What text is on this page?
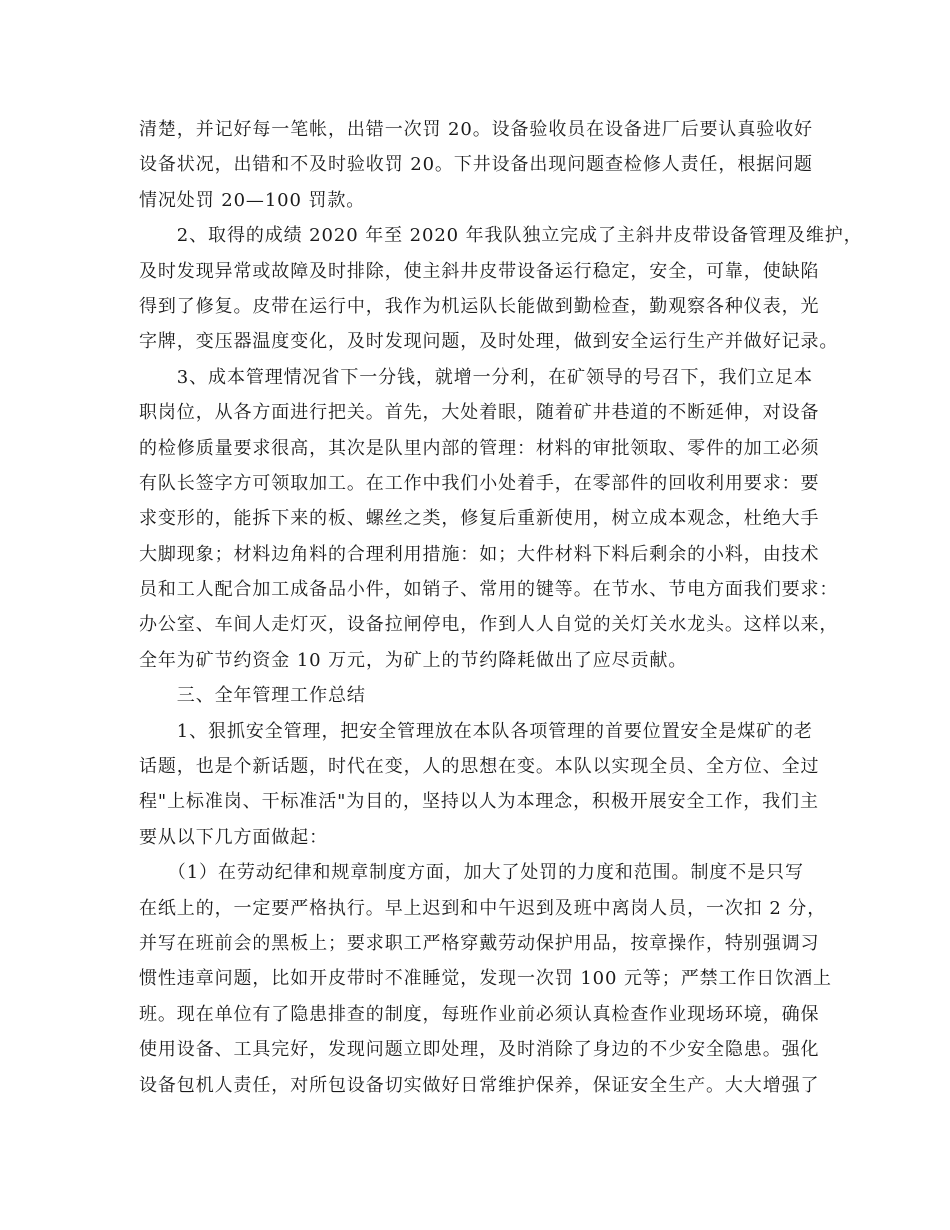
清楚，并记好每一笔帐，出错一次罚 20。设备验收员在设备进厂后要认真验收好
设备状况，出错和不及时验收罚 20。下井设备出现问题查检修人责任，根据问题
情况处罚 20—100 罚款。
　　2、取得的成绩 2020 年至 2020 年我队独立完成了主斜井皮带设备管理及维护，
及时发现异常或故障及时排除，使主斜井皮带设备运行稳定，安全，可靠，使缺陷
得到了修复。皮带在运行中，我作为机运队长能做到勤检查，勤观察各种仪表，光
字牌，变压器温度变化，及时发现问题，及时处理，做到安全运行生产并做好记录。
　　3、成本管理情况省下一分钱，就增一分利，在矿领导的号召下，我们立足本
职岗位，从各方面进行把关。首先，大处着眼，随着矿井巷道的不断延伸，对设备
的检修质量要求很高，其次是队里内部的管理：材料的审批领取、零件的加工必须
有队长签字方可领取加工。在工作中我们小处着手，在零部件的回收利用要求：要
求变形的，能拆下来的板、螺丝之类，修复后重新使用，树立成本观念，杜绝大手
大脚现象；材料边角料的合理利用措施：如；大件材料下料后剩余的小料，由技术
员和工人配合加工成备品小件，如销子、常用的键等。在节水、节电方面我们要求：
办公室、车间人走灯灭，设备拉闸停电，作到人人自觉的关灯关水龙头。这样以来，
全年为矿节约资金 10 万元，为矿上的节约降耗做出了应尽贡献。
　　三、全年管理工作总结
　　1、狠抓安全管理，把安全管理放在本队各项管理的首要位置安全是煤矿的老
话题，也是个新话题，时代在变，人的思想在变。本队以实现全员、全方位、全过
程"上标准岗、干标准活"为目的，坚持以人为本理念，积极开展安全工作，我们主
要从以下几方面做起：
　　（1）在劳动纪律和规章制度方面，加大了处罚的力度和范围。制度不是只写
在纸上的，一定要严格执行。早上迟到和中午迟到及班中离岗人员，一次扣 2 分，
并写在班前会的黑板上；要求职工严格穿戴劳动保护用品，按章操作，特别强调习
惯性违章问题，比如开皮带时不准睡觉，发现一次罚 100 元等；严禁工作日饮酒上
班。现在单位有了隐患排查的制度，每班作业前必须认真检查作业现场环境，确保
使用设备、工具完好，发现问题立即处理，及时消除了身边的不少安全隐患。强化
设备包机人责任，对所包设备切实做好日常维护保养，保证安全生产。大大增强了
